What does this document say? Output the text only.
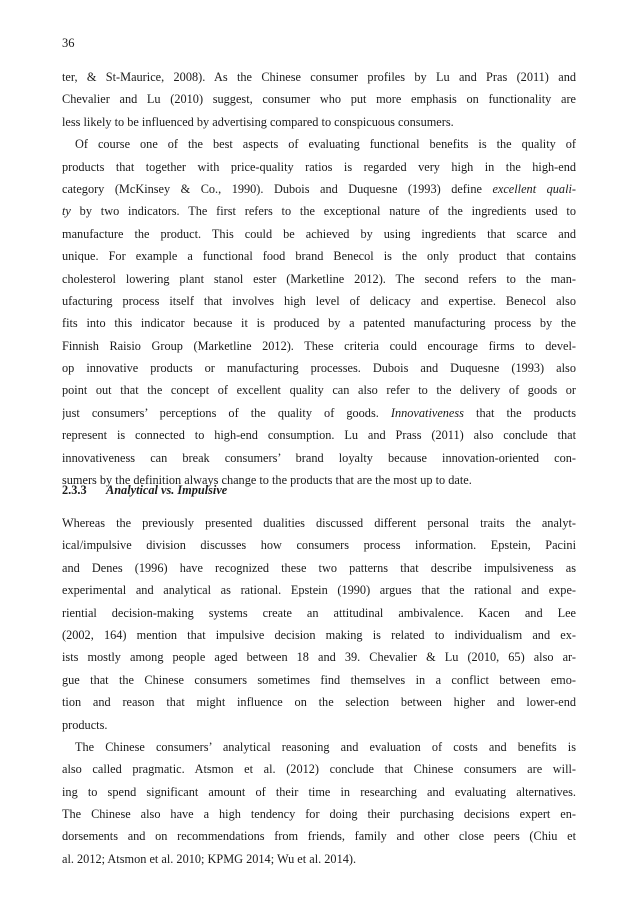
36
ter, & St-Maurice, 2008). As the Chinese consumer profiles by Lu and Pras (2011) and
Chevalier and Lu (2010) suggest, consumer who put more emphasis on functionality are
less likely to be influenced by advertising compared to conspicuous consumers.
Of course one of the best aspects of evaluating functional benefits is the quality of
products that together with price-quality ratios is regarded very high in the high-end
category (McKinsey & Co., 1990). Dubois and Duquesne (1993) define excellent quali-
ty by two indicators. The first refers to the exceptional nature of the ingredients used to
manufacture the product. This could be achieved by using ingredients that scarce and
unique. For example a functional food brand Benecol is the only product that contains
cholesterol lowering plant stanol ester (Marketline 2012). The second refers to the man-
ufacturing process itself that involves high level of delicacy and expertise. Benecol also
fits into this indicator because it is produced by a patented manufacturing process by the
Finnish Raisio Group (Marketline 2012). These criteria could encourage firms to devel-
op innovative products or manufacturing processes. Dubois and Duquesne (1993) also
point out that the concept of excellent quality can also refer to the delivery of goods or
just consumers’ perceptions of the quality of goods. Innovativeness that the products
represent is connected to high-end consumption. Lu and Prass (2011) also conclude that
innovativeness can break consumers’ brand loyalty because innovation-oriented con-
sumers by the definition always change to the products that are the most up to date.
2.3.3 Analytical vs. Impulsive
Whereas the previously presented dualities discussed different personal traits the analyt-
ical/impulsive division discusses how consumers process information. Epstein, Pacini
and Denes (1996) have recognized these two patterns that describe impulsiveness as
experimental and analytical as rational. Epstein (1990) argues that the rational and expe-
riential decision-making systems create an attitudinal ambivalence. Kacen and Lee
(2002, 164) mention that impulsive decision making is related to individualism and ex-
ists mostly among people aged between 18 and 39. Chevalier & Lu (2010, 65) also ar-
gue that the Chinese consumers sometimes find themselves in a conflict between emo-
tion and reason that might influence on the selection between higher and lower-end
products.
The Chinese consumers’ analytical reasoning and evaluation of costs and benefits is
also called pragmatic. Atsmon et al. (2012) conclude that Chinese consumers are will-
ing to spend significant amount of their time in researching and evaluating alternatives.
The Chinese also have a high tendency for doing their purchasing decisions expert en-
dorsements and on recommendations from friends, family and other close peers (Chiu et
al. 2012; Atsmon et al. 2010; KPMG 2014; Wu et al. 2014).
